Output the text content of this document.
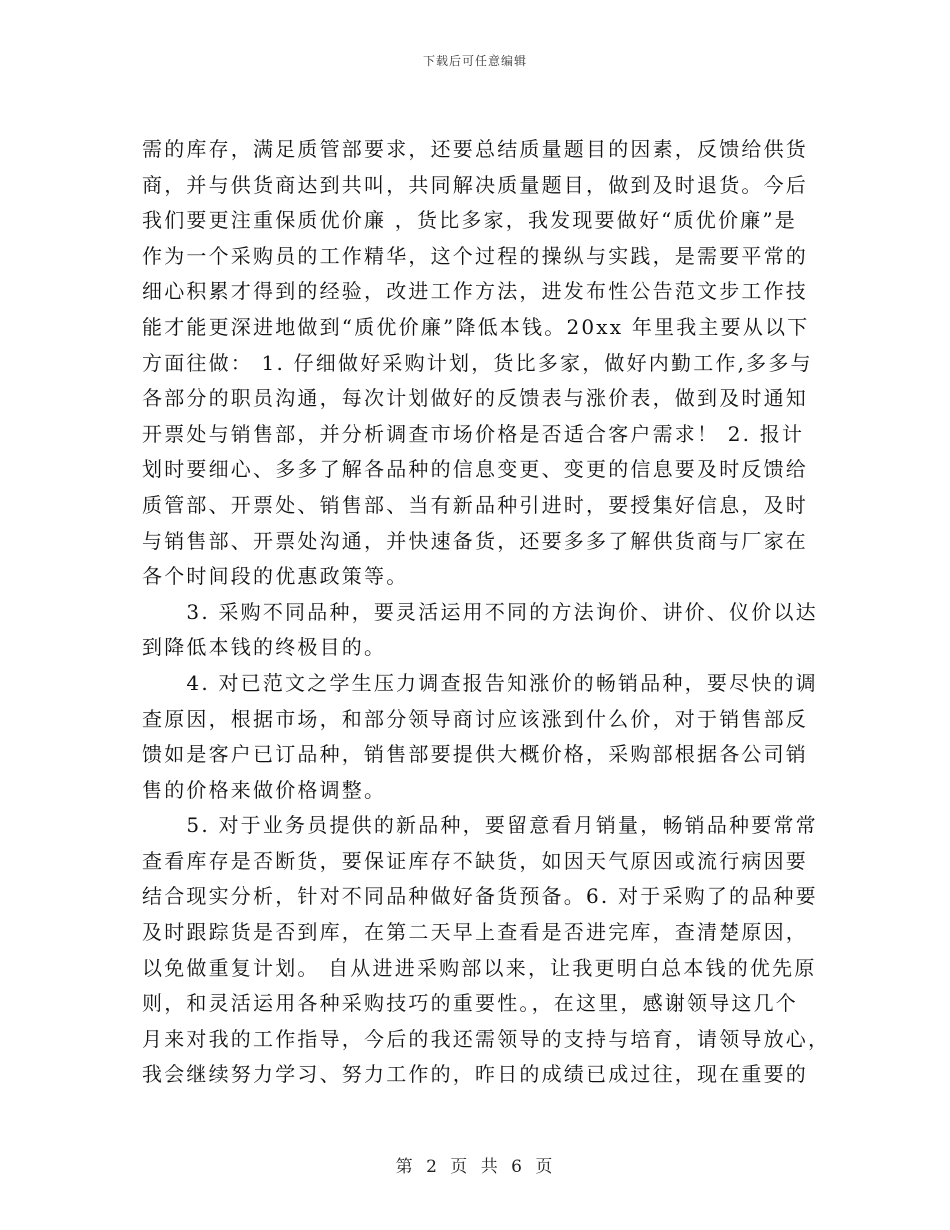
下载后可任意编辑
需的库存，满足质管部要求，还要总结质量题目的因素，反馈给供货
商，并与供货商达到共叫，共同解决质量题目，做到及时退货。今后
我们要更注重保质优价廉 ，货比多家，我发现要做好“质优价廉”是
作为一个采购员的工作精华，这个过程的操纵与实践，是需要平常的
细心积累才得到的经验，改进工作方法，进发布性公告范文步工作技
能才能更深进地做到“质优价廉”降低本钱。20xx 年里我主要从以下
方面往做： 1. 仔细做好采购计划，货比多家，做好内勤工作,多多与
各部分的职员沟通，每次计划做好的反馈表与涨价表，做到及时通知
开票处与销售部，并分析调查市场价格是否适合客户需求！ 2. 报计
划时要细心、多多了解各品种的信息变更、变更的信息要及时反馈给
质管部、开票处、销售部、当有新品种引进时，要授集好信息，及时
与销售部、开票处沟通，并快速备货，还要多多了解供货商与厂家在
各个时间段的优惠政策等。
　　3. 采购不同品种，要灵活运用不同的方法询价、讲价、仪价以达
到降低本钱的终极目的。
　　4. 对已范文之学生压力调查报告知涨价的畅销品种，要尽快的调
查原因，根据市场，和部分领导商讨应该涨到什么价，对于销售部反
馈如是客户已订品种，销售部要提供大概价格，采购部根据各公司销
售的价格来做价格调整。
　　5. 对于业务员提供的新品种，要留意看月销量，畅销品种要常常
查看库存是否断货，要保证库存不缺货，如因天气原因或流行病因要
结合现实分析，针对不同品种做好备货预备。6. 对于采购了的品种要
及时跟踪货是否到库，在第二天早上查看是否进完库，查清楚原因，
以免做重复计划。 自从进进采购部以来，让我更明白总本钱的优先原
则，和灵活运用各种采购技巧的重要性。，在这里，感谢领导这几个
月来对我的工作指导，今后的我还需领导的支持与培育，请领导放心，
我会继续努力学习、努力工作的，昨日的成绩已成过往，现在重要的
第 2 页 共 6 页
